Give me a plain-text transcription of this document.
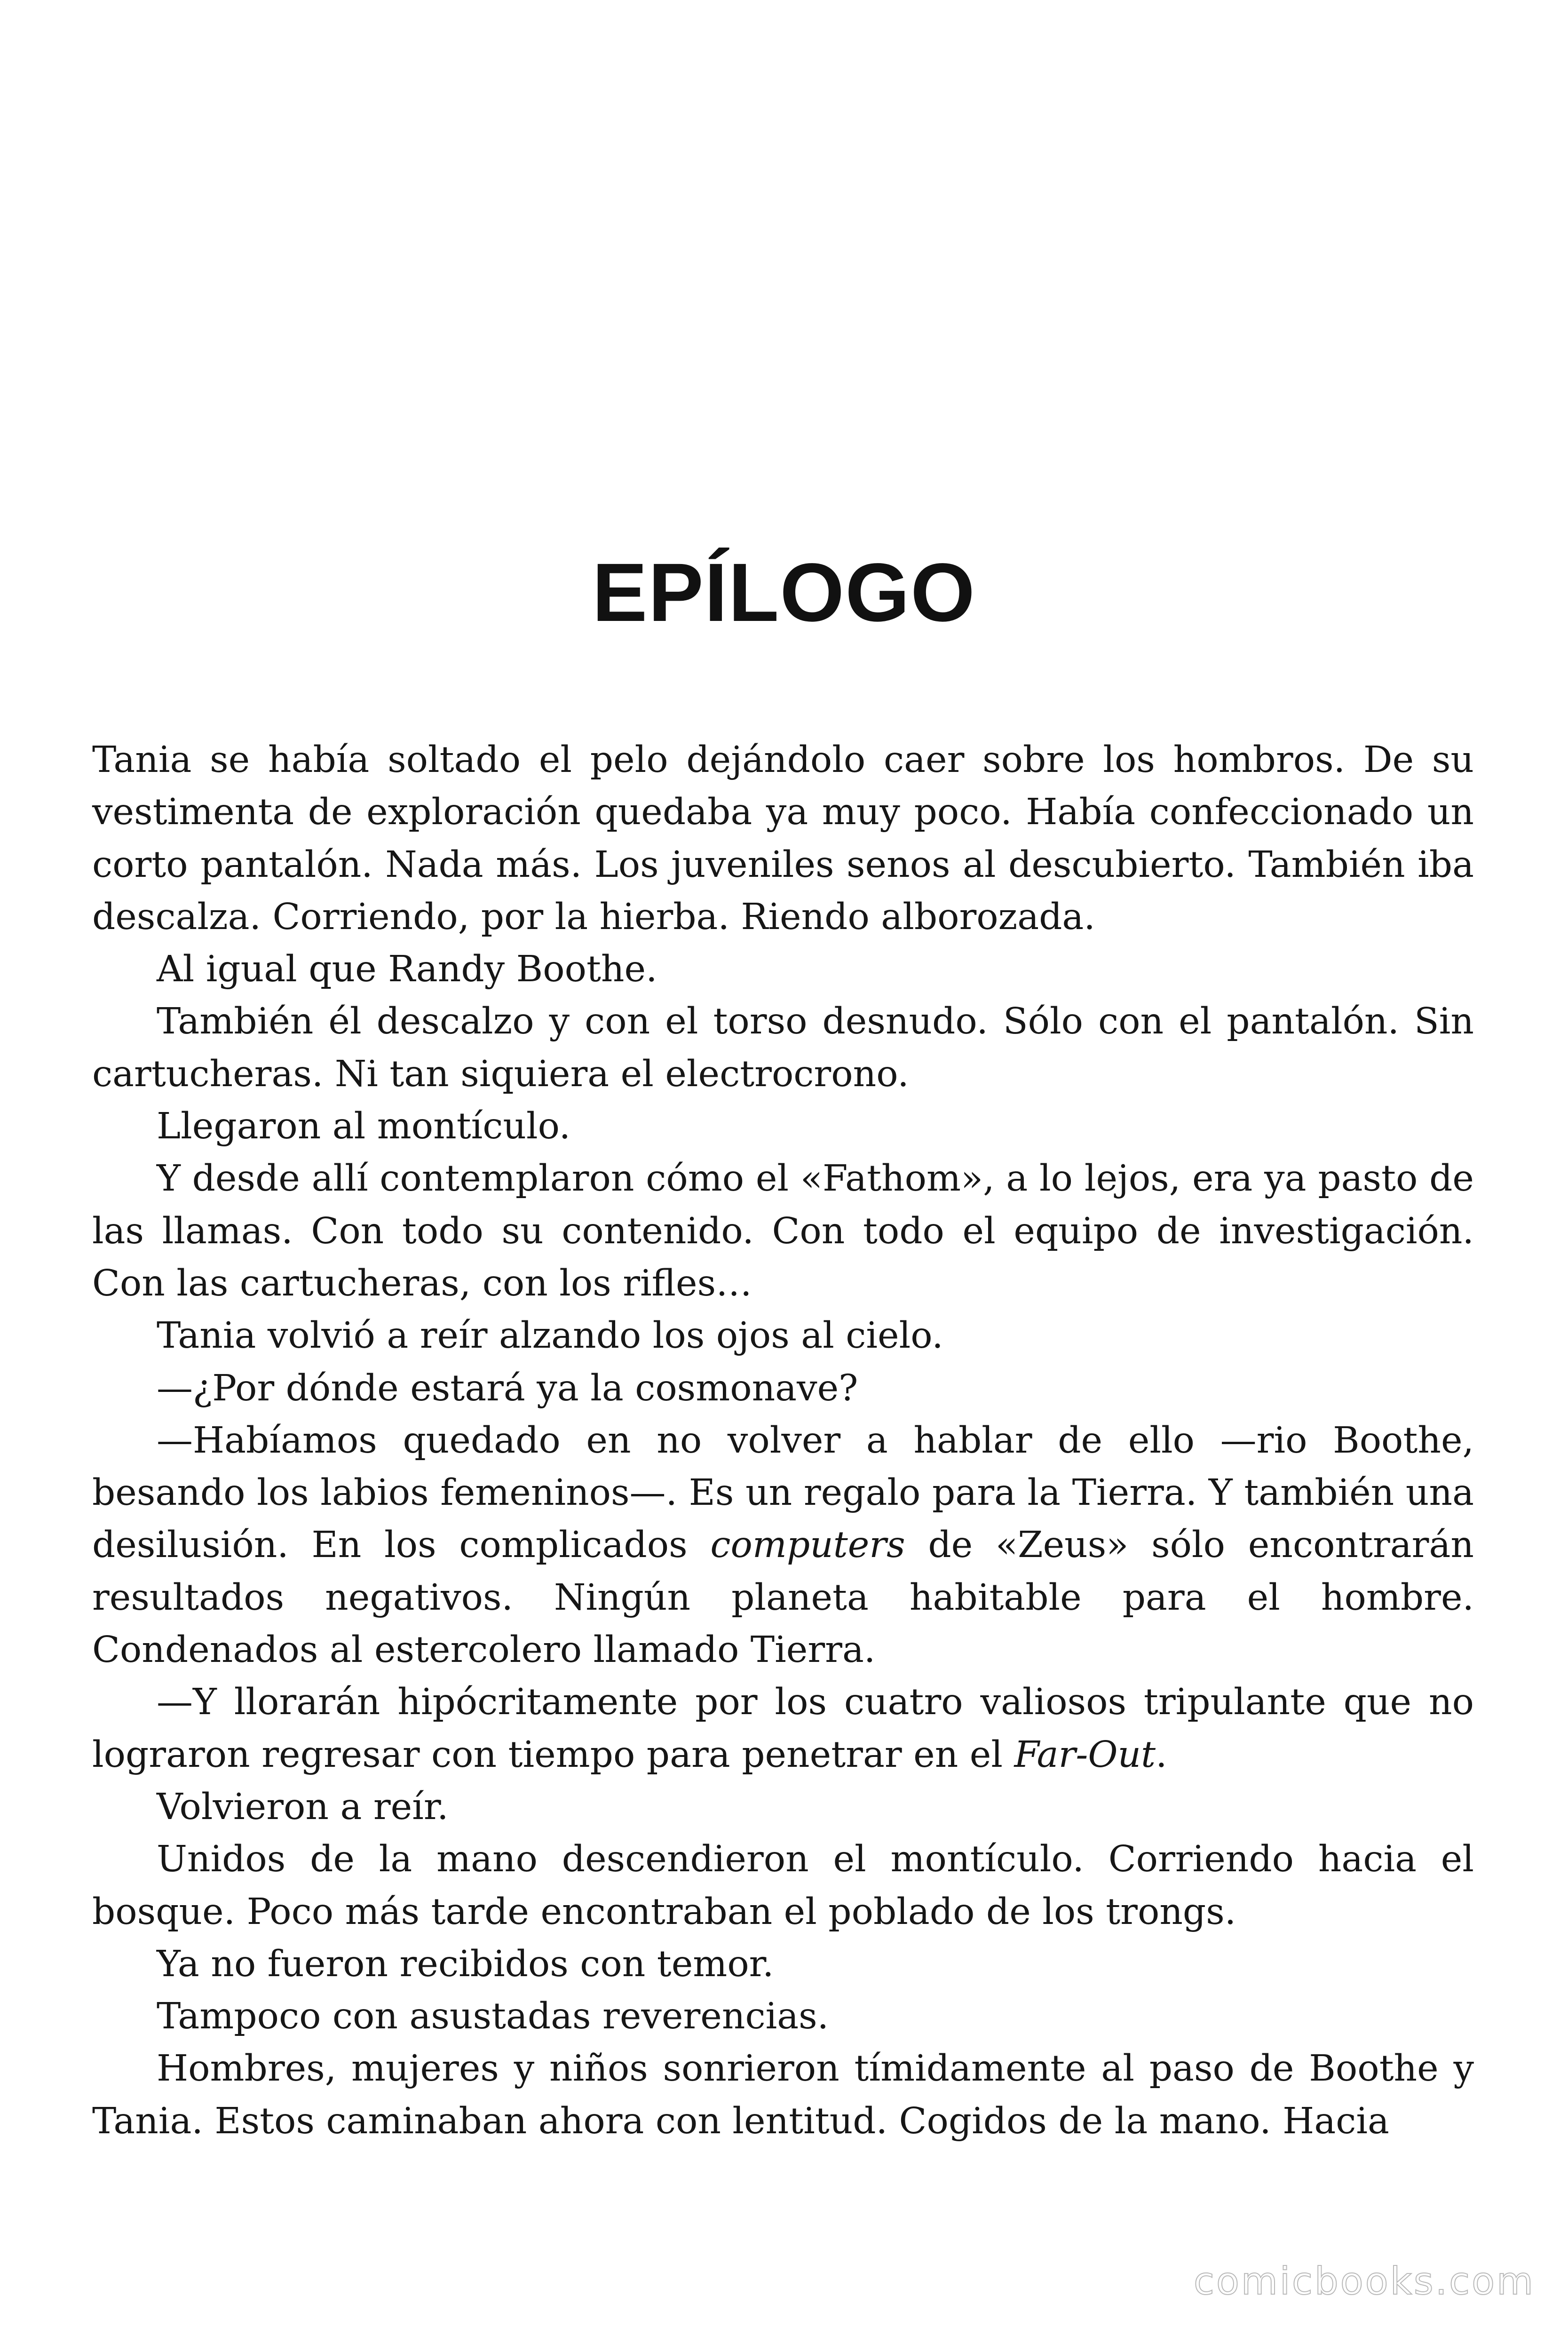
EPÍLOGO

Tania se había soltado el pelo dejándolo caer sobre los hombros. De su vestimenta de exploración quedaba ya muy poco. Había confeccionado un corto pantalón. Nada más. Los juveniles senos al descubierto. También iba descalza. Corriendo, por la hierba. Riendo alborozada.

Al igual que Randy Boothe.

También él descalzo y con el torso desnudo. Sólo con el pantalón. Sin cartucheras. Ni tan siquiera el electrocrono.

Llegaron al montículo.

Y desde allí contemplaron cómo el «Fathom», a lo lejos, era ya pasto de las llamas. Con todo su contenido. Con todo el equipo de investigación. Con las cartucheras, con los rifles…

Tania volvió a reír alzando los ojos al cielo.

—¿Por dónde estará ya la cosmonave?

—Habíamos quedado en no volver a hablar de ello —rio Boothe, besando los labios femeninos—. Es un regalo para la Tierra. Y también una desilusión. En los complicados computers de «Zeus» sólo encontrarán resultados negativos. Ningún planeta habitable para el hombre. Condenados al estercolero llamado Tierra.

—Y llorarán hipócritamente por los cuatro valiosos tripulante que no lograron regresar con tiempo para penetrar en el Far-Out.

Volvieron a reír.

Unidos de la mano descendieron el montículo. Corriendo hacia el bosque. Poco más tarde encontraban el poblado de los trongs.

Ya no fueron recibidos con temor.

Tampoco con asustadas reverencias.

Hombres, mujeres y niños sonrieron tímidamente al paso de Boothe y Tania. Estos caminaban ahora con lentitud. Cogidos de la mano. Hacia

comicbooks.com
